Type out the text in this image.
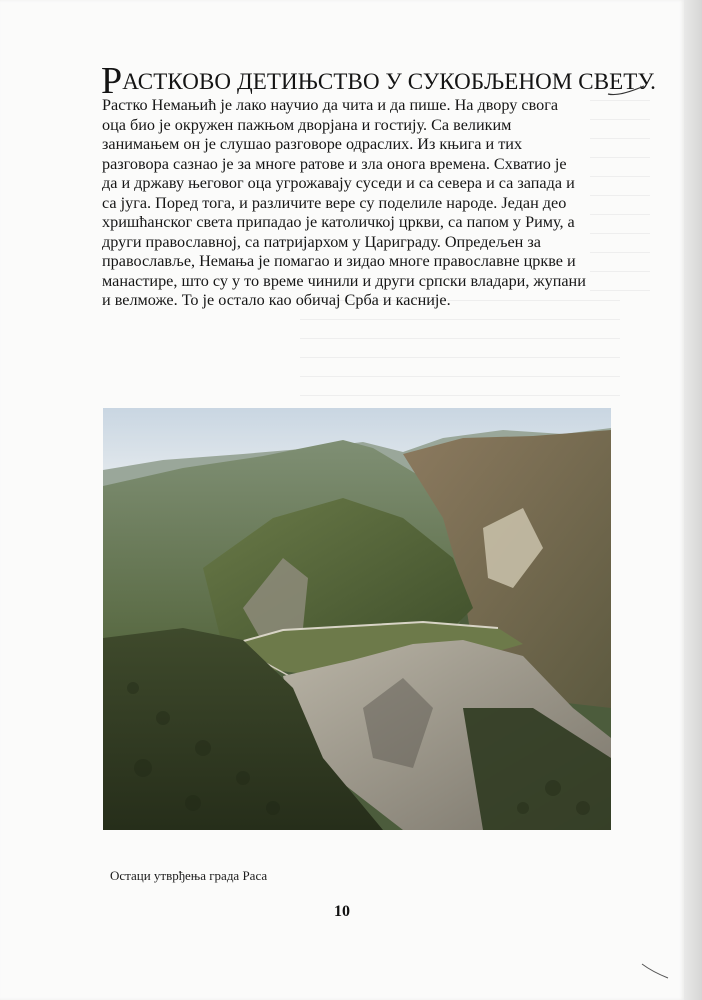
РАСТКОВО ДЕТИЊСТВО У СУКОБЉЕНОМ СВЕТУ.
Растко Немањић је лако научио да чита и да пише. На двору свога оца био је окружен пажњом дворјана и гостију. Са великим занимањем он је слушао разговоре одраслих. Из књига и тих разговора сазнао је за многе ратове и зла онога времена. Схватио је да и државу његовог оца угрожавају суседи и са севера и са запада и са југа. Поред тога, и различите вере су поделиле народе. Један део хришћанског света припадао је католичкој цркви, са папом у Риму, а други православној, са патријархом у Цариграду. Опредељен за православље, Немања је помагао и зидао многе православне цркве и манастире, што су у то време чинили и други српски владари, жупани и велможе. То је остало као обичај Срба и касније.
Остаци утврђења града Раса
10
